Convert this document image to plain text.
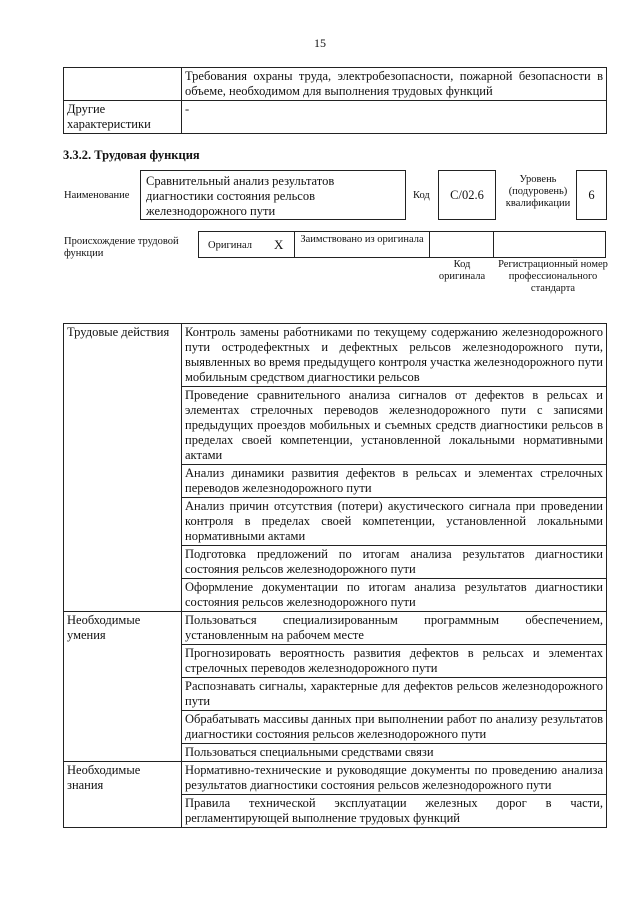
15
	Требования охраны труда, электробезопасности, пожарной безопасности в объеме, необходимом для выполнения трудовых функций
Другие характеристики	-
3.3.2. Трудовая функция
Наименование
Сравнительный анализ результатов диагностики состояния рельсов железнодорожного пути
Код	C/02.6
Уровень (подуровень) квалификации
6
Происхождение трудовой функции
Оригинал X	Заимствовано из оригинала
Код оригинала
Регистрационный номер профессионального стандарта
Трудовые действия	Контроль замены работниками по текущему содержанию железнодорожного пути остродефектных и дефектных рельсов железнодорожного пути, выявленных во время предыдущего контроля участка железнодорожного пути мобильным средством диагностики рельсов
	Проведение сравнительного анализа сигналов от дефектов в рельсах и элементах стрелочных переводов железнодорожного пути с записями предыдущих проездов мобильных и съемных средств диагностики рельсов в пределах своей компетенции, установленной локальными нормативными актами
	Анализ динамики развития дефектов в рельсах и элементах стрелочных переводов железнодорожного пути
	Анализ причин отсутствия (потери) акустического сигнала при проведении контроля в пределах своей компетенции, установленной локальными нормативными актами
	Подготовка предложений по итогам анализа результатов диагностики состояния рельсов железнодорожного пути
	Оформление документации по итогам анализа результатов диагностики состояния рельсов железнодорожного пути
Необходимые умения	Пользоваться специализированным программным обеспечением, установленным на рабочем месте
	Прогнозировать вероятность развития дефектов в рельсах и элементах стрелочных переводов железнодорожного пути
	Распознавать сигналы, характерные для дефектов рельсов железнодорожного пути
	Обрабатывать массивы данных при выполнении работ по анализу результатов диагностики состояния рельсов железнодорожного пути
	Пользоваться специальными средствами связи
Необходимые знания	Нормативно-технические и руководящие документы по проведению анализа результатов диагностики состояния рельсов железнодорожного пути
	Правила технической эксплуатации железных дорог в части, регламентирующей выполнение трудовых функций
